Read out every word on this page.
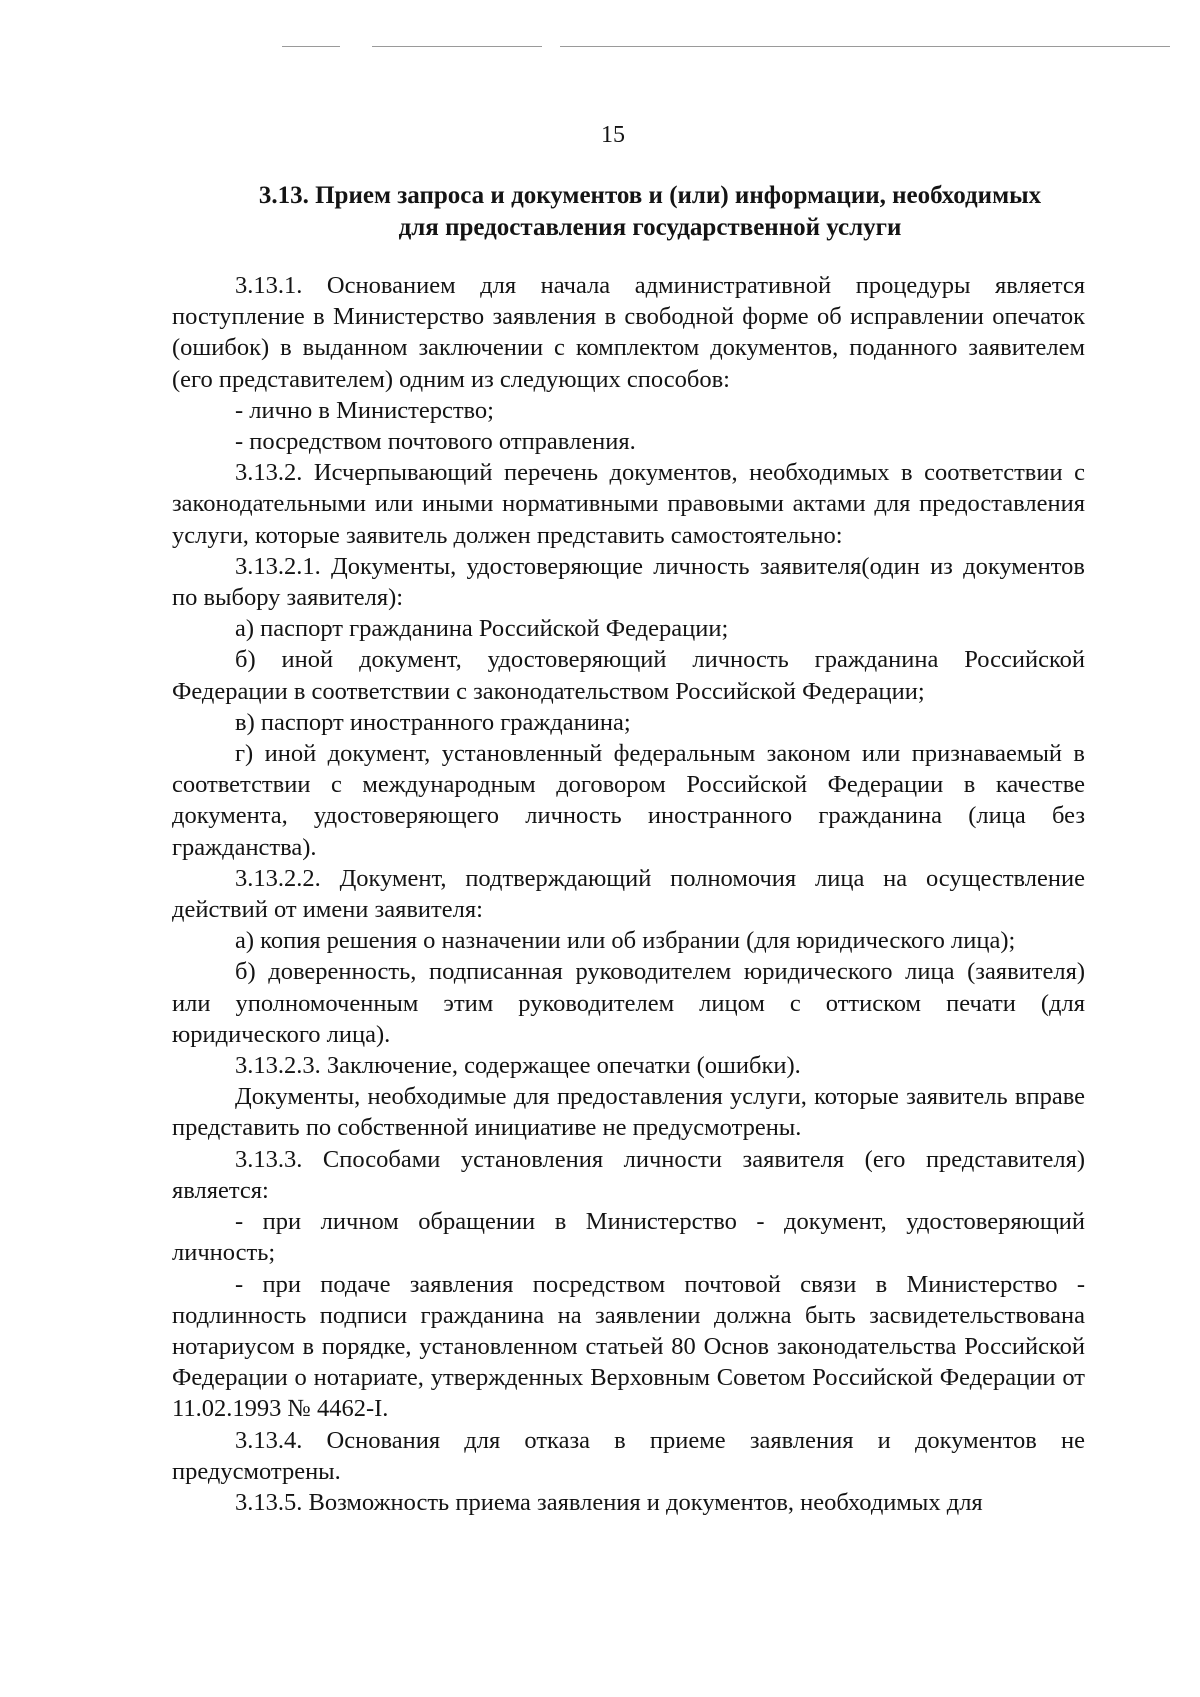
15
3.13. Прием запроса и документов и (или) информации, необходимых
для предоставления государственной услуги

3.13.1. Основанием для начала административной процедуры является поступление в Министерство заявления в свободной форме об исправлении опечаток (ошибок) в выданном заключении с комплектом документов, поданного заявителем (его представителем) одним из следующих способов:

- лично в Министерство;

- посредством почтового отправления.

3.13.2. Исчерпывающий перечень документов, необходимых в соответствии с законодательными или иными нормативными правовыми актами для предоставления услуги, которые заявитель должен представить самостоятельно:

3.13.2.1. Документы, удостоверяющие личность заявителя(один из документов по выбору заявителя):

а) паспорт гражданина Российской Федерации;

б) иной документ, удостоверяющий личность гражданина Российской Федерации в соответствии с законодательством Российской Федерации;

в) паспорт иностранного гражданина;

г) иной документ, установленный федеральным законом или признаваемый в соответствии с международным договором Российской Федерации в качестве документа, удостоверяющего личность иностранного гражданина (лица без гражданства).

3.13.2.2. Документ, подтверждающий полномочия лица на осуществление действий от имени заявителя:

а) копия решения о назначении или об избрании (для юридического лица);

б) доверенность, подписанная руководителем юридического лица (заявителя) или уполномоченным этим руководителем лицом с оттиском печати (для юридического лица).

3.13.2.3. Заключение, содержащее опечатки (ошибки).

Документы, необходимые для предоставления услуги, которые заявитель вправе представить по собственной инициативе не предусмотрены.

3.13.3. Способами установления личности заявителя (его представителя) является:

- при личном обращении в Министерство - документ, удостоверяющий личность;

- при подаче заявления посредством почтовой связи в Министерство - подлинность подписи гражданина на заявлении должна быть засвидетельствована нотариусом в порядке, установленном статьей 80 Основ законодательства Российской Федерации о нотариате, утвержденных Верховным Советом Российской Федерации от 11.02.1993 № 4462-I.

3.13.4. Основания для отказа в приеме заявления и документов не предусмотрены.

3.13.5. Возможность приема заявления и документов, необходимых для
